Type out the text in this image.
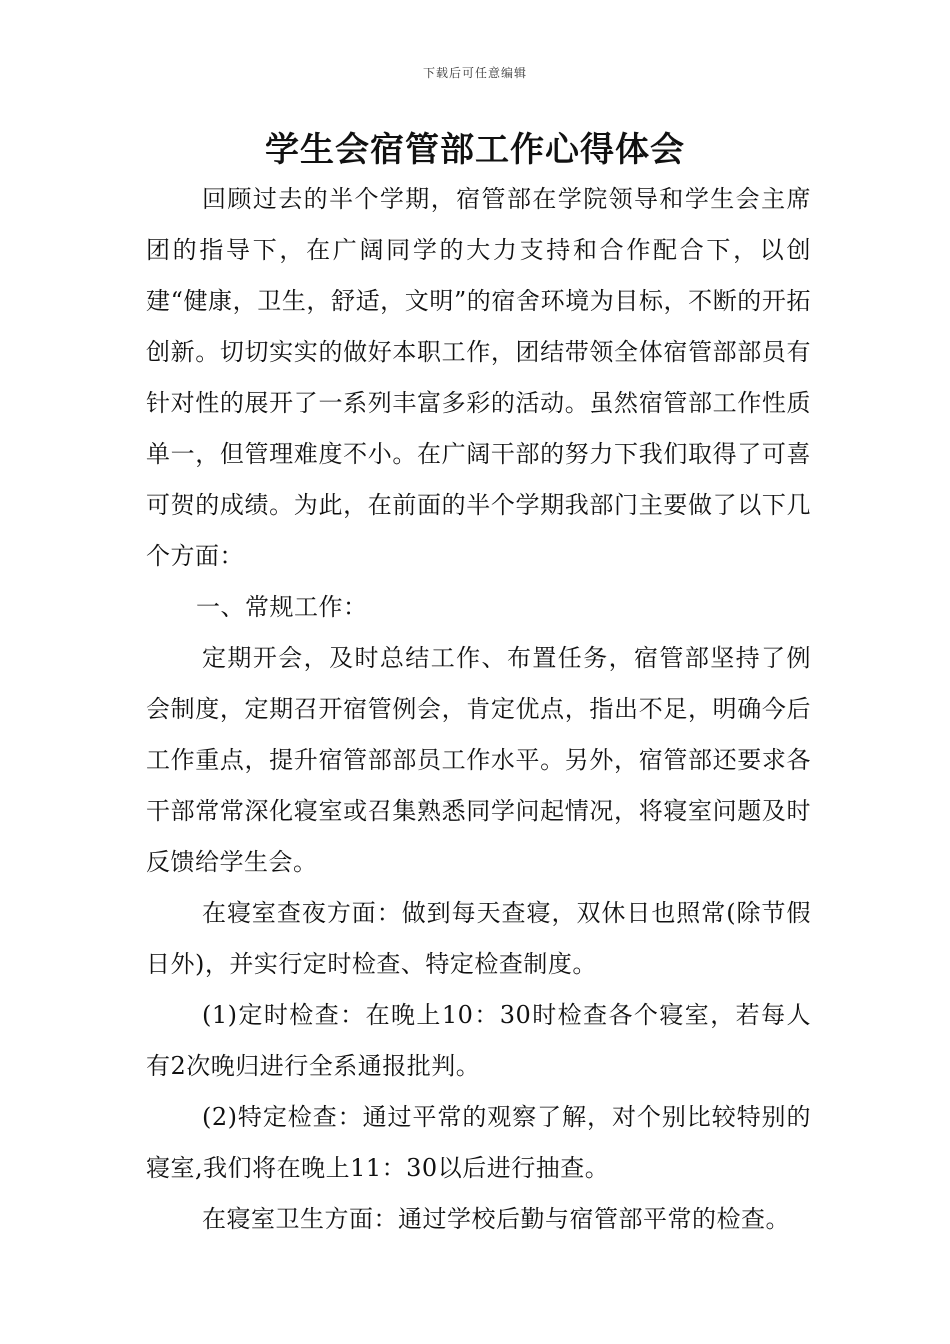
下载后可任意编辑
学生会宿管部工作心得体会

回顾过去的半个学期，宿管部在学院领导和学生会主席团的指导下，在广阔同学的大力支持和合作配合下，以创建“健康，卫生，舒适，文明”的宿舍环境为目标，不断的开拓创新。切切实实的做好本职工作，团结带领全体宿管部部员有针对性的展开了一系列丰富多彩的活动。虽然宿管部工作性质单一，但管理难度不小。在广阔干部的努力下我们取得了可喜可贺的成绩。为此，在前面的半个学期我部门主要做了以下几个方面：

一、常规工作：

定期开会，及时总结工作、布置任务，宿管部坚持了例会制度，定期召开宿管例会，肯定优点，指出不足，明确今后工作重点，提升宿管部部员工作水平。另外，宿管部还要求各干部常常深化寝室或召集熟悉同学问起情况，将寝室问题及时反馈给学生会。

在寝室查夜方面：做到每天查寝，双休日也照常(除节假日外)，并实行定时检查、特定检查制度。

(1)定时检查：在晚上10：30时检查各个寝室，若每人有2次晚归进行全系通报批判。

(2)特定检查：通过平常的观察了解，对个别比较特别的寝室,我们将在晚上11：30以后进行抽查。

在寝室卫生方面：通过学校后勤与宿管部平常的检查。
